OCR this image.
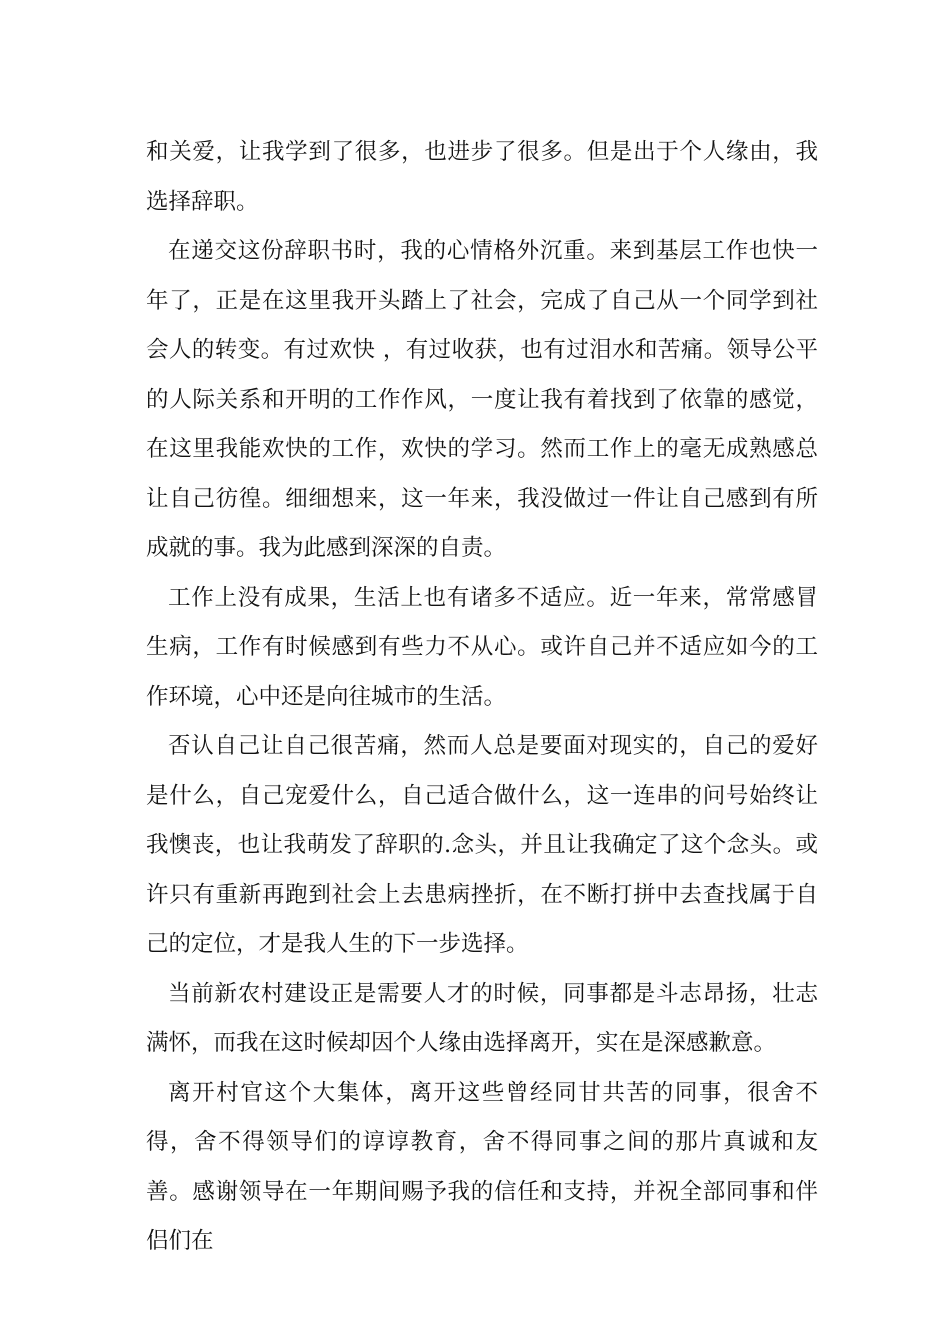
和关爱，让我学到了很多，也进步了很多。但是出于个人缘由，我选择辞职。

在递交这份辞职书时，我的心情格外沉重。来到基层工作也快一年了，正是在这里我开头踏上了社会，完成了自己从一个同学到社会人的转变。有过欢快 ，有过收获，也有过泪水和苦痛。领导公平的人际关系和开明的工作作风，一度让我有着找到了依靠的感觉，在这里我能欢快的工作，欢快的学习。然而工作上的毫无成熟感总让自己彷徨。细细想来，这一年来，我没做过一件让自己感到有所成就的事。我为此感到深深的自责。

工作上没有成果，生活上也有诸多不适应。近一年来，常常感冒生病，工作有时候感到有些力不从心。或许自己并不适应如今的工作环境，心中还是向往城市的生活。

否认自己让自己很苦痛，然而人总是要面对现实的，自己的爱好是什么，自己宠爱什么，自己适合做什么，这一连串的问号始终让我懊丧，也让我萌发了辞职的.念头，并且让我确定了这个念头。或许只有重新再跑到社会上去患病挫折，在不断打拼中去查找属于自己的定位，才是我人生的下一步选择。

当前新农村建设正是需要人才的时候，同事都是斗志昂扬，壮志满怀，而我在这时候却因个人缘由选择离开，实在是深感歉意。

离开村官这个大集体，离开这些曾经同甘共苦的同事，很舍不得，舍不得领导们的谆谆教育，舍不得同事之间的那片真诚和友善。感谢领导在一年期间赐予我的信任和支持，并祝全部同事和伴侣们在
